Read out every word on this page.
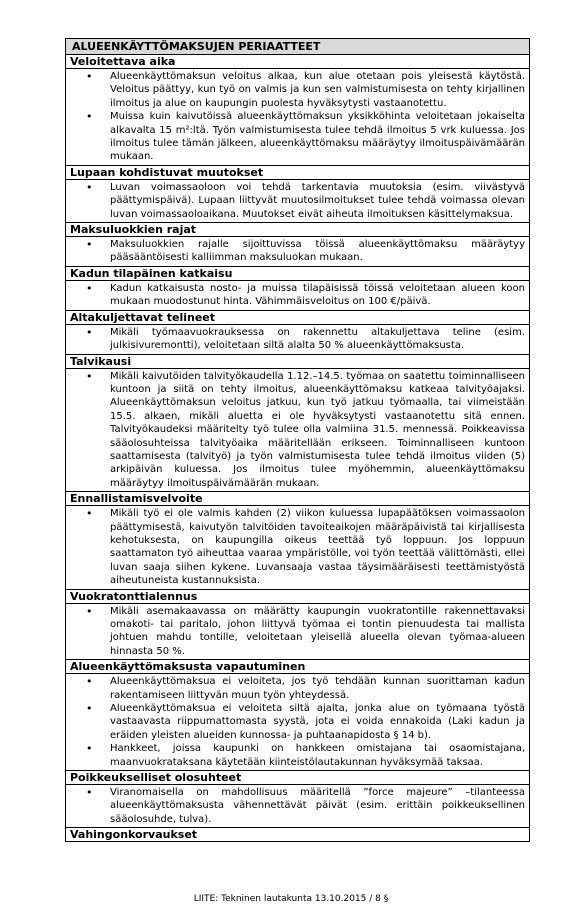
ALUEENKÄYTTÖMAKSUJEN PERIAATTEET
Veloitettava aika
• Alueenkäyttömaksun veloitus alkaa, kun alue otetaan pois yleisestä käytöstä. Veloitus päättyy, kun työ on valmis ja kun sen valmistumisesta on tehty kirjallinen ilmoitus ja alue on kaupungin puolesta hyväksytysti vastaanotettu.
• Muissa kuin kaivutöissä alueenkäyttömaksun yksikköhinta veloitetaan jokaiselta alkavalta 15 m²:ltä. Työn valmistumisesta tulee tehdä ilmoitus 5 vrk kuluessa. Jos ilmoitus tulee tämän jälkeen, alueenkäyttömaksu määräytyy ilmoituspäivämäärän mukaan.
Lupaan kohdistuvat muutokset
• Luvan voimassaoloon voi tehdä tarkentavia muutoksia (esim. viivästyvä päättymispäivä). Lupaan liittyvät muutosilmoitukset tulee tehdä voimassa olevan luvan voimassaoloaikana. Muutokset eivät aiheuta ilmoituksen käsittelymaksua.
Maksuluokkien rajat
• Maksuluokkien rajalle sijoittuvissa töissä alueenkäyttömaksu määräytyy pääsääntöisesti kalliimman maksuluokan mukaan.
Kadun tilapäinen katkaisu
• Kadun katkaisusta nosto- ja muissa tilapäisissä töissä veloitetaan alueen koon mukaan muodostunut hinta. Vähimmäisveloitus on 100 €/päivä.
Altakuljettavat telineet
• Mikäli työmaavuokrauksessa on rakennettu altakuljettava teline (esim. julkisivuremontti), veloitetaan siltä alalta 50 % alueenkäyttömaksusta.
Talvikausi
• Mikäli kaivutöiden talvityökaudella 1.12.–14.5. työmaa on saatettu toiminnalliseen kuntoon ja siitä on tehty ilmoitus, alueenkäyttömaksu katkeaa talvityöajaksi. Alueenkäyttömaksun veloitus jatkuu, kun työ jatkuu työmaalla, tai viimeistään 15.5. alkaen, mikäli aluetta ei ole hyväksytysti vastaanotettu sitä ennen. Talvityökaudeksi määritelty työ tulee olla valmiina 31.5. mennessä. Poikkeavissa sääolosuhteissa talvityöaika määritellään erikseen. Toiminnalliseen kuntoon saattamisesta (talvityö) ja työn valmistumisesta tulee tehdä ilmoitus viiden (5) arkipäivän kuluessa. Jos ilmoitus tulee myöhemmin, alueenkäyttömaksu määräytyy ilmoituspäivämäärän mukaan.
Ennallistamisvelvoite
• Mikäli työ ei ole valmis kahden (2) viikon kuluessa lupapäätöksen voimassaolon päättymisestä, kaivutyön talvitöiden tavoiteaikojen määräpäivistä tai kirjallisesta kehotuksesta, on kaupungilla oikeus teettää työ loppuun. Jos loppuun saattamaton työ aiheuttaa vaaraa ympäristölle, voi työn teettää välittömästi, ellei luvan saaja siihen kykene. Luvansaaja vastaa täysimääräisesti teettämistyöstä aiheutuneista kustannuksista.
Vuokratonttialennus
• Mikäli asemakaavassa on määrätty kaupungin vuokratontille rakennettavaksi omakoti- tai paritalo, johon liittyvä työmaa ei tontin pienuudesta tai mallista johtuen mahdu tontille, veloitetaan yleisellä alueella olevan työmaa-alueen hinnasta 50 %.
Alueenkäyttömaksusta vapautuminen
• Alueenkäyttömaksua ei veloiteta, jos työ tehdään kunnan suorittaman kadun rakentamiseen liittyvän muun työn yhteydessä.
• Alueenkäyttömaksua ei veloiteta siltä ajalta, jonka alue on työmaana työstä vastaavasta riippumattomasta syystä, jota ei voida ennakoida (Laki kadun ja eräiden yleisten alueiden kunnossa- ja puhtaanapidosta § 14 b).
• Hankkeet, joissa kaupunki on hankkeen omistajana tai osaomistajana, maanvuokrataksana käytetään kiinteistölautakunnan hyväksymää taksaa.
Poikkeukselliset olosuhteet
• Viranomaisella on mahdollisuus määritellä ”force majeure” –tilanteessa alueenkäyttömaksusta vähennettävät päivät (esim. erittäin poikkeuksellinen sääolosuhde, tulva).
Vahingonkorvaukset
LIITE: Tekninen lautakunta 13.10.2015 / 8 §
